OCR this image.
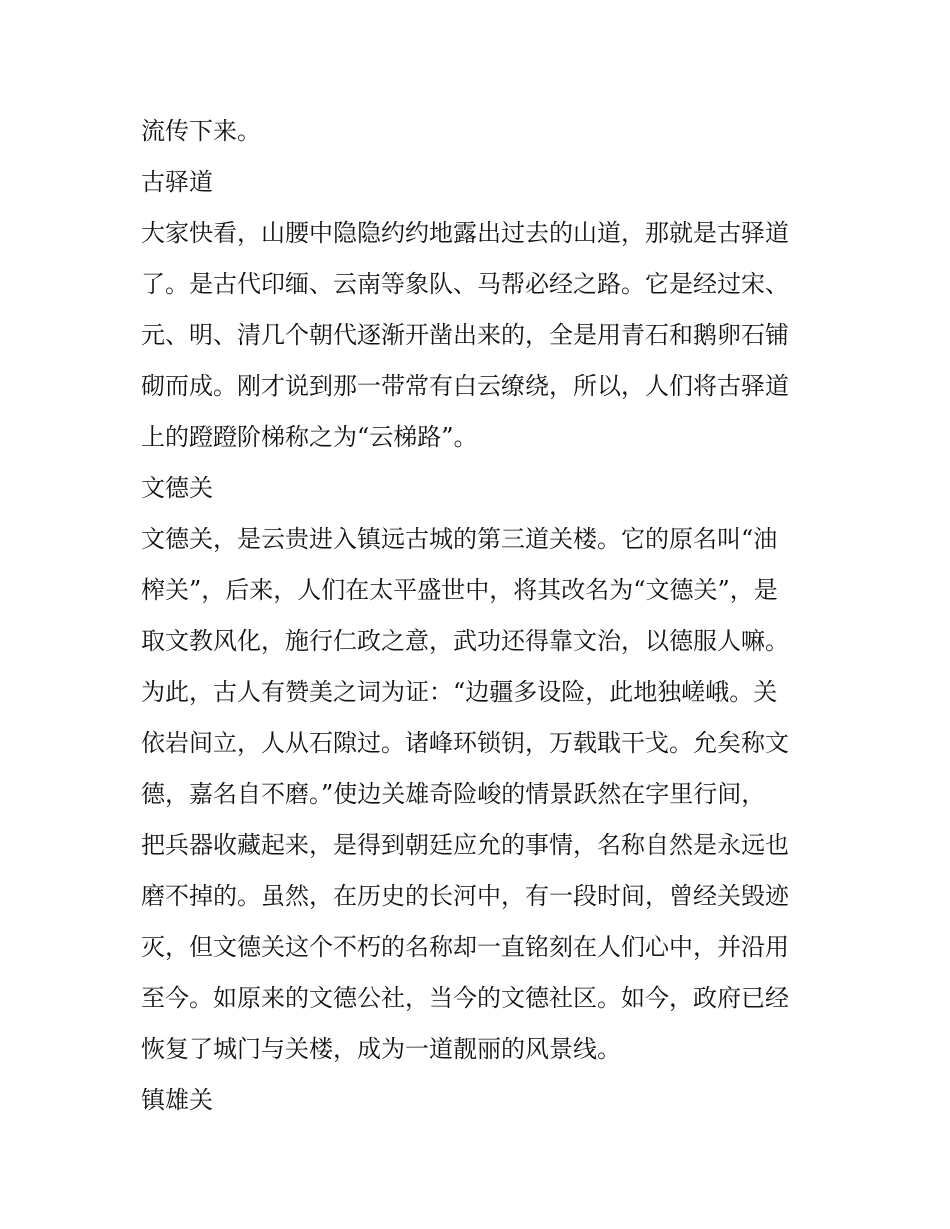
流传下来。
古驿道
大家快看，山腰中隐隐约约地露出过去的山道，那就是古驿道
了。是古代印缅、云南等象队、马帮必经之路。它是经过宋、
元、明、清几个朝代逐渐开凿出来的，全是用青石和鹅卵石铺
砌而成。刚才说到那一带常有白云缭绕，所以，人们将古驿道
上的蹬蹬阶梯称之为“云梯路”。
文德关
文德关，是云贵进入镇远古城的第三道关楼。它的原名叫“油
榨关”，后来，人们在太平盛世中，将其改名为“文德关”，是
取文教风化，施行仁政之意，武功还得靠文治，以德服人嘛。
为此，古人有赞美之词为证：“边疆多设险，此地独嵯峨。关
依岩间立，人从石隙过。诸峰环锁钥，万载戢干戈。允矣称文
德，嘉名自不磨。”使边关雄奇险峻的情景跃然在字里行间，
把兵器收藏起来，是得到朝廷应允的事情，名称自然是永远也
磨不掉的。虽然，在历史的长河中，有一段时间，曾经关毁迹
灭，但文德关这个不朽的名称却一直铭刻在人们心中，并沿用
至今。如原来的文德公社，当今的文德社区。如今，政府已经
恢复了城门与关楼，成为一道靓丽的风景线。
镇雄关
